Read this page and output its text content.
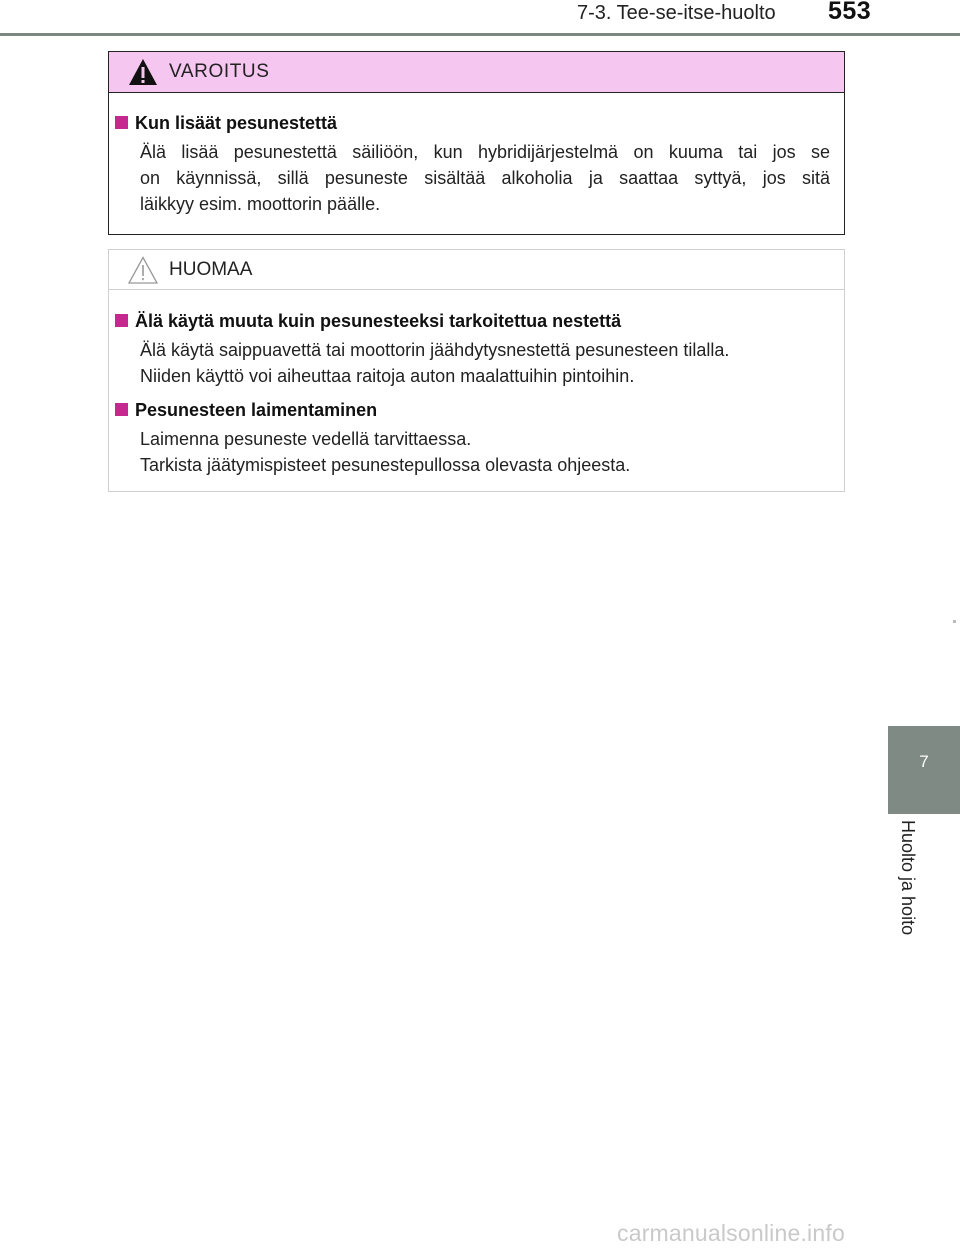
7-3. Tee-se-itse-huolto 553
VAROITUS

Kun lisäät pesunestettä

Älä lisää pesunestettä säiliöön, kun hybridijärjestelmä on kuuma tai jos se
on käynnissä, sillä pesuneste sisältää alkoholia ja saattaa syttyä, jos sitä
läikkyy esim. moottorin päälle.
HUOMAA

Älä käytä muuta kuin pesunesteeksi tarkoitettua nestettä

Älä käytä saippuavettä tai moottorin jäähdytysnestettä pesunesteen tilalla.
Niiden käyttö voi aiheuttaa raitoja auton maalattuihin pintoihin.

Pesunesteen laimentaminen

Laimenna pesuneste vedellä tarvittaessa.
Tarkista jäätymispisteet pesunestepullossa olevasta ohjeesta.
7
Huolto ja hoito
carmanualsonline.info
